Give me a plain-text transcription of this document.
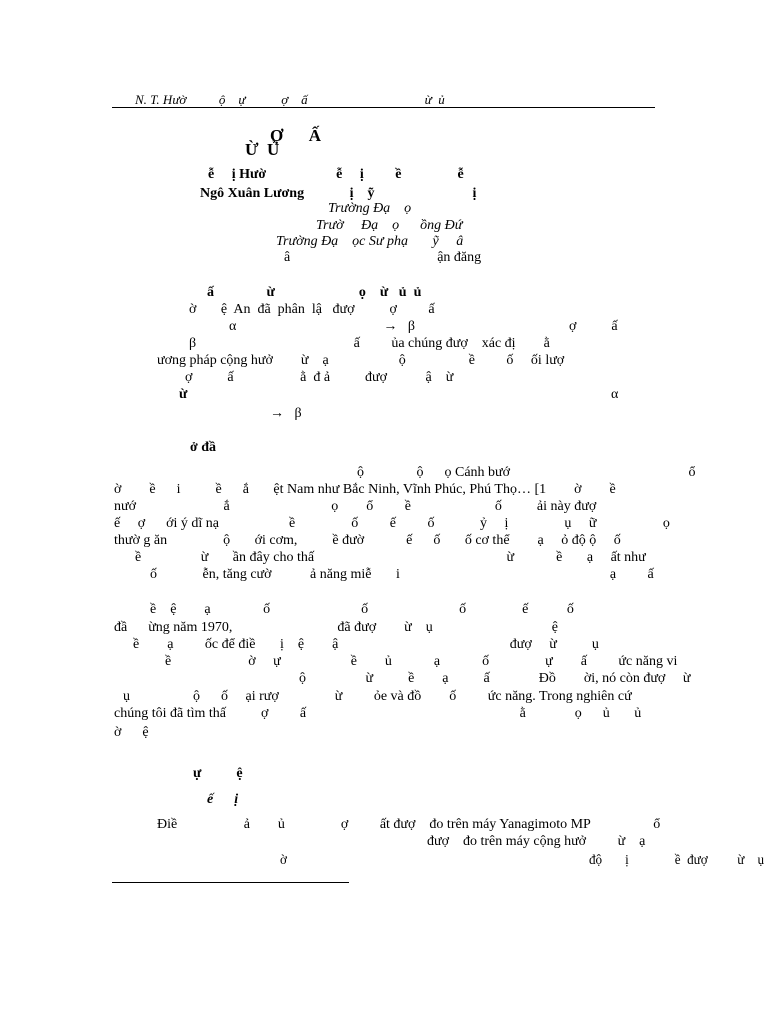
N. T. Hườ          ộ    ự           ợ    ấ                                    ừ  ủ
Ợ      Ấ
Ừ  Ủ
ễ     ị Hườ                    ễ     ị         ề                ễ
Ngô Xuân Lương             ị    ỹ                            ị
Trường Đạ    ọ
Trườ     Đạ    ọ      ồng Đứ
Trường Đạ    ọc Sư phạ       ỹ     â
â                                          ận đăng
ấ               ừ                        ọ    ừ   ủ  ủ
ờ       ệ  An  đã  phân  lậ   đượ          ợ         ấ
α                                          →   β                                            ợ          ấ
β                                             ấ         ủa chúng đượ    xác đị        ằ
ương pháp cộng hưở        ừ    ạ                    ộ                  ề         ố     ối lượ
ợ          ấ                   ằ  đ ả          đượ           ậ    ừ
ừ	α
→   β
ở đầ
ộ               ộ      ọ Cánh bướ                                                   ổ
ờ        ề      i          ề      ắ       ệt Nam như Bắc Ninh, Vĩnh Phúc, Phú Thọ… [1        ờ        ề
nướ                         ắ                             ọ        ổ         ề                        ố          ải này đượ
ế     ợ      ới ý dĩ nạ                    ề                ố         ế         ố             ỷ     ị                ụ     ữ                   ọ
thườ g ăn                ộ       ới cơm,          ề đườ            ế      ố       ố cơ thể        ạ     ỏ độ ộ     ố
ề                 ừ       ần đây cho thấ                                                       ừ            ề       ạ     ất như
ố             ễn, tăng cườ           ả năng miễ       i                                                            ạ         ấ
ề    ệ        ạ               ố                          ố                          ố                ế           ố
đầ      ừng năm 1970,                              đã đượ        ừ    ụ                                  ệ
ề        ạ         ốc để điề       ị    ệ        ậ                                                 đượ     ừ          ụ
ề                      ờ     ự                    ề        ủ            ạ            ố                ự        ấ         ức năng vi
ộ                 ừ          ề        ạ          ấ              Đồ        ời, nó còn đượ     ừ
ụ                  ộ      ố     ại rượ                ừ         ỏe và đồ        ố         ức năng. Trong nghiên cứ
chúng tôi đã tìm thấ          ợ         ấ                                                             ằ              ọ      ủ       ủ
ờ      ệ
ự          ệ
ế      ị
Điề                   ả        ủ                ợ         ất đượ    đo trên máy Yanagimoto MP                  ổ
đượ    đo trên máy cộng hưở         ừ    ạ
ờ                                                                                            độ       ị              ề  đượ         ừ    ụ
